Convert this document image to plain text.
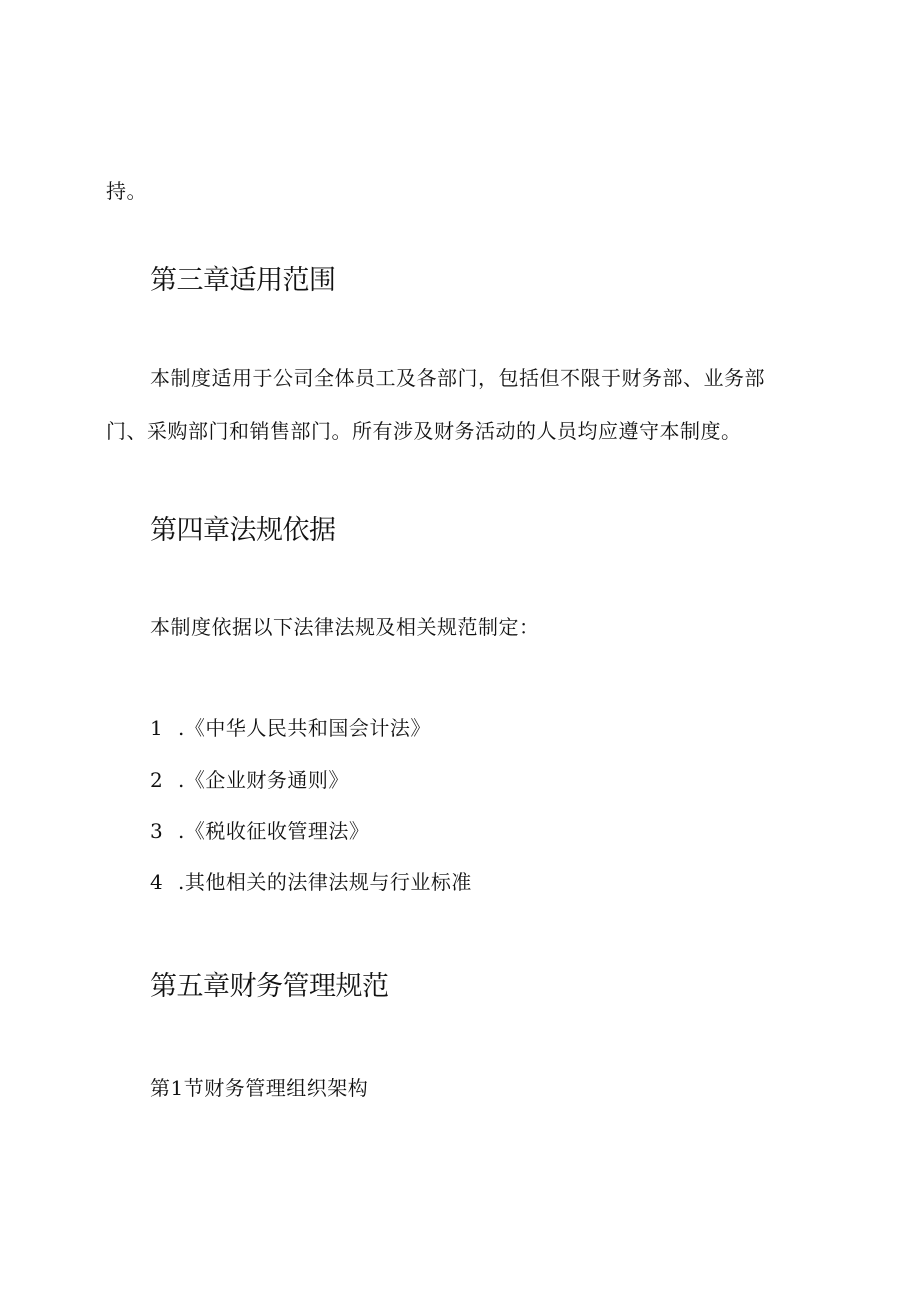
持。
第三章适用范围
本制度适用于公司全体员工及各部门，包括但不限于财务部、业务部
门、采购部门和销售部门。所有涉及财务活动的人员均应遵守本制度。
第四章法规依据
本制度依据以下法律法规及相关规范制定：
1 .《中华人民共和国会计法》
2 .《企业财务通则》
3 .《税收征收管理法》
4 .其他相关的法律法规与行业标准
第五章财务管理规范
第1节财务管理组织架构
